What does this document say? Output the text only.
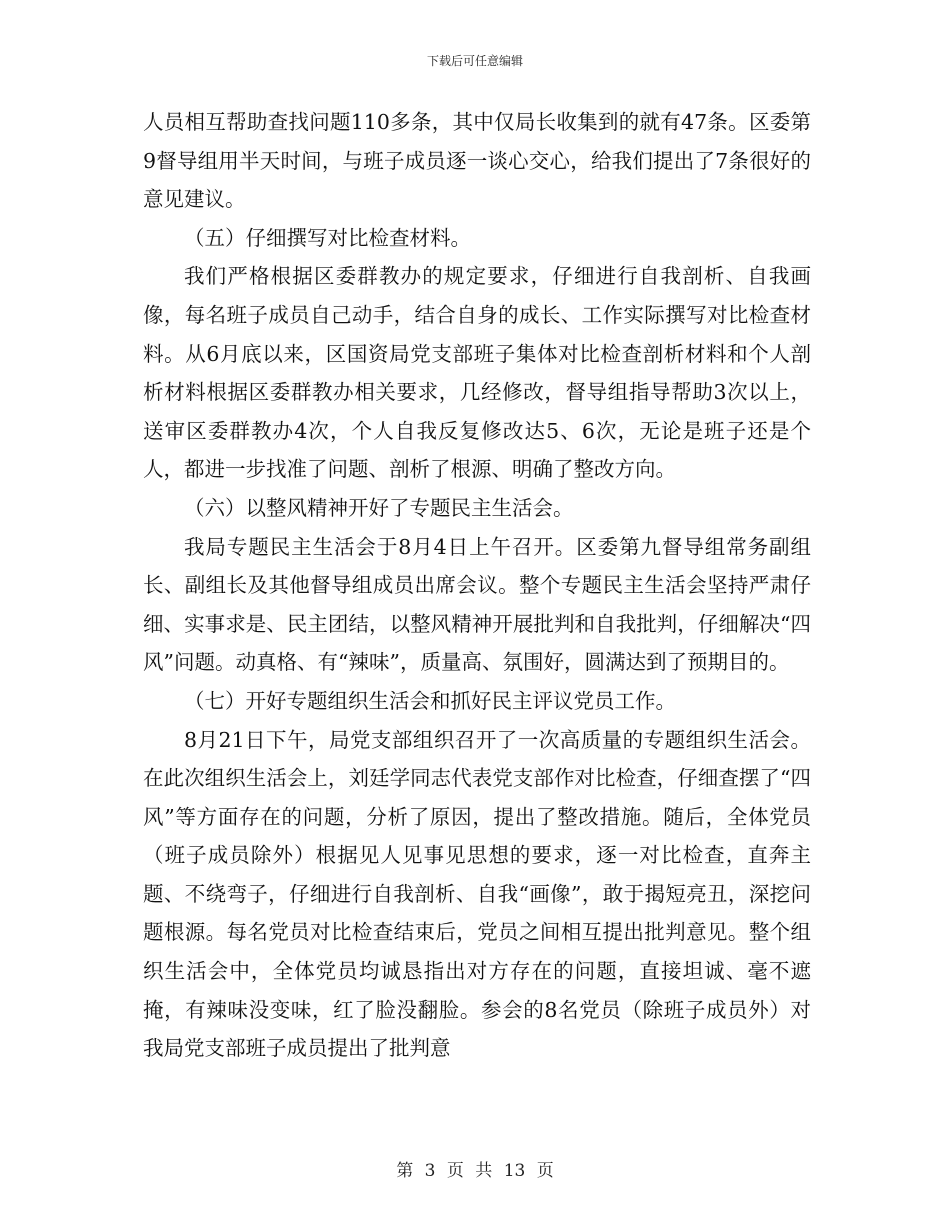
下载后可任意编辑

人员相互帮助查找问题110多条，其中仅局长收集到的就有47条。区委第9督导组用半天时间，与班子成员逐一谈心交心，给我们提出了7条很好的意见建议。

（五）仔细撰写对比检查材料。

我们严格根据区委群教办的规定要求，仔细进行自我剖析、自我画像，每名班子成员自己动手，结合自身的成长、工作实际撰写对比检查材料。从6月底以来，区国资局党支部班子集体对比检查剖析材料和个人剖析材料根据区委群教办相关要求，几经修改，督导组指导帮助3次以上，送审区委群教办4次，个人自我反复修改达5、6次，无论是班子还是个人，都进一步找准了问题、剖析了根源、明确了整改方向。

（六）以整风精神开好了专题民主生活会。

我局专题民主生活会于8月4日上午召开。区委第九督导组常务副组长、副组长及其他督导组成员出席会议。整个专题民主生活会坚持严肃仔细、实事求是、民主团结，以整风精神开展批判和自我批判，仔细解决“四风”问题。动真格、有“辣味”，质量高、氛围好，圆满达到了预期目的。

（七）开好专题组织生活会和抓好民主评议党员工作。

8月21日下午，局党支部组织召开了一次高质量的专题组织生活会。在此次组织生活会上，刘廷学同志代表党支部作对比检查，仔细查摆了“四风”等方面存在的问题，分析了原因，提出了整改措施。随后，全体党员（班子成员除外）根据见人见事见思想的要求，逐一对比检查，直奔主题、不绕弯子，仔细进行自我剖析、自我“画像”，敢于揭短亮丑，深挖问题根源。每名党员对比检查结束后，党员之间相互提出批判意见。整个组织生活会中，全体党员均诚恳指出对方存在的问题，直接坦诚、毫不遮掩，有辣味没变味，红了脸没翻脸。参会的8名党员（除班子成员外）对我局党支部班子成员提出了批判意

第 3 页 共 13 页
